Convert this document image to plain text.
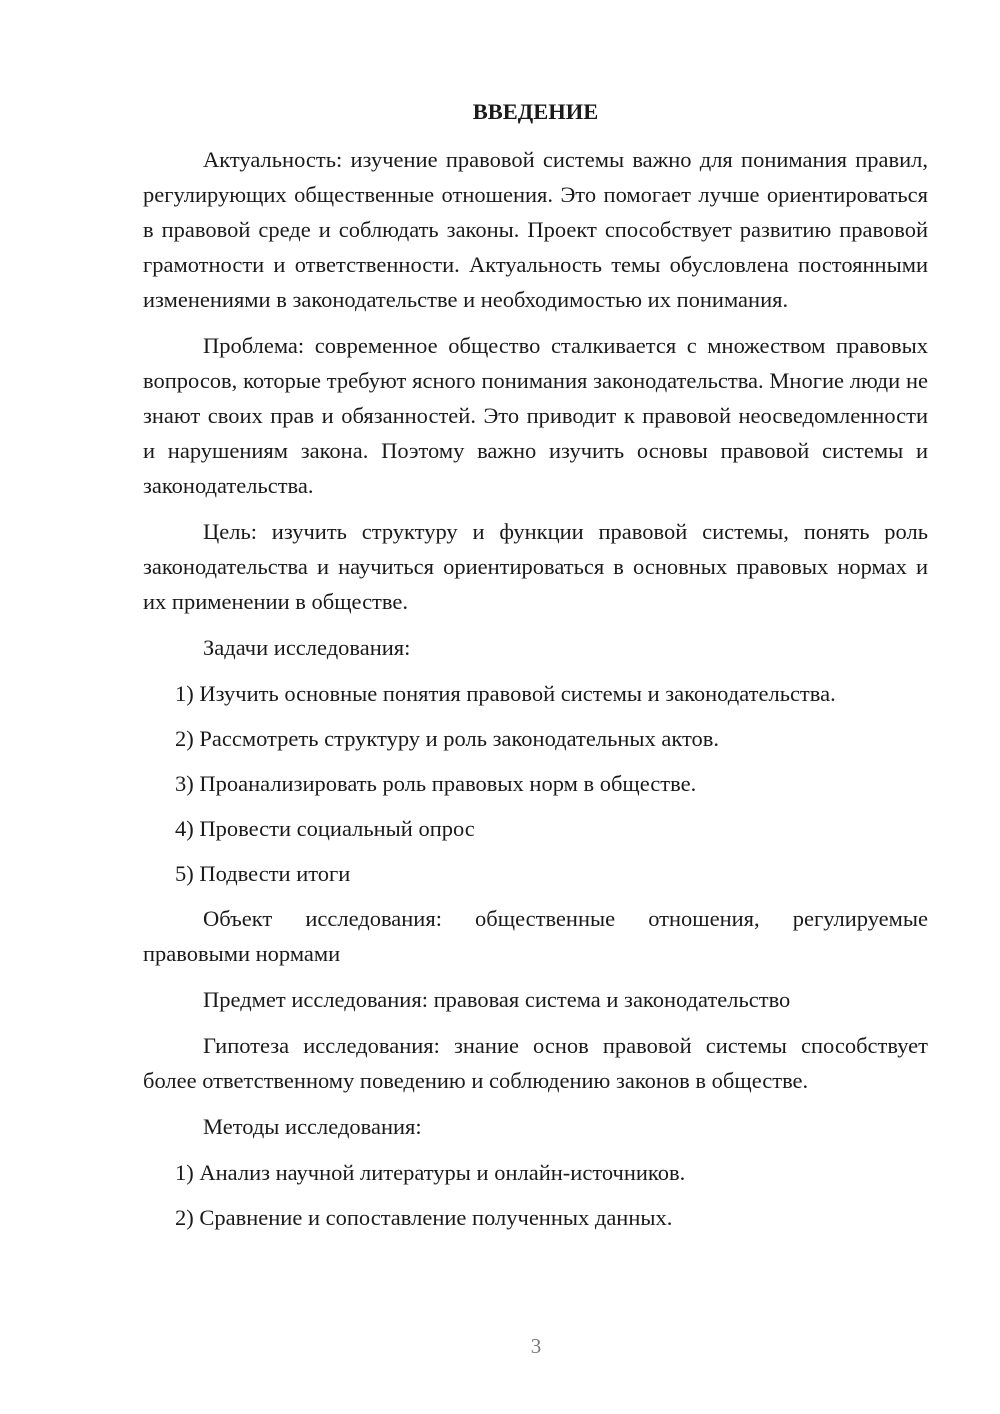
ВВЕДЕНИЕ

Актуальность: изучение правовой системы важно для понимания правил, регулирующих общественные отношения. Это помогает лучше ориентироваться в правовой среде и соблюдать законы. Проект способствует развитию правовой грамотности и ответственности. Актуальность темы обусловлена постоянными изменениями в законодательстве и необходимостью их понимания.

Проблема: современное общество сталкивается с множеством правовых вопросов, которые требуют ясного понимания законодательства. Многие люди не знают своих прав и обязанностей. Это приводит к правовой неосведомленности и нарушениям закона. Поэтому важно изучить основы правовой системы и законодательства.

Цель: изучить структуру и функции правовой системы, понять роль законодательства и научиться ориентироваться в основных правовых нормах и их применении в обществе.

Задачи исследования:

1) Изучить основные понятия правовой системы и законодательства.

2) Рассмотреть структуру и роль законодательных актов.

3) Проанализировать роль правовых норм в обществе.

4) Провести социальный опрос

5) Подвести итоги

Объект исследования: общественные отношения, регулируемые правовыми нормами

Предмет исследования: правовая система и законодательство

Гипотеза исследования: знание основ правовой системы способствует более ответственному поведению и соблюдению законов в обществе.

Методы исследования:

1) Анализ научной литературы и онлайн-источников.

2) Сравнение и сопоставление полученных данных.

3
